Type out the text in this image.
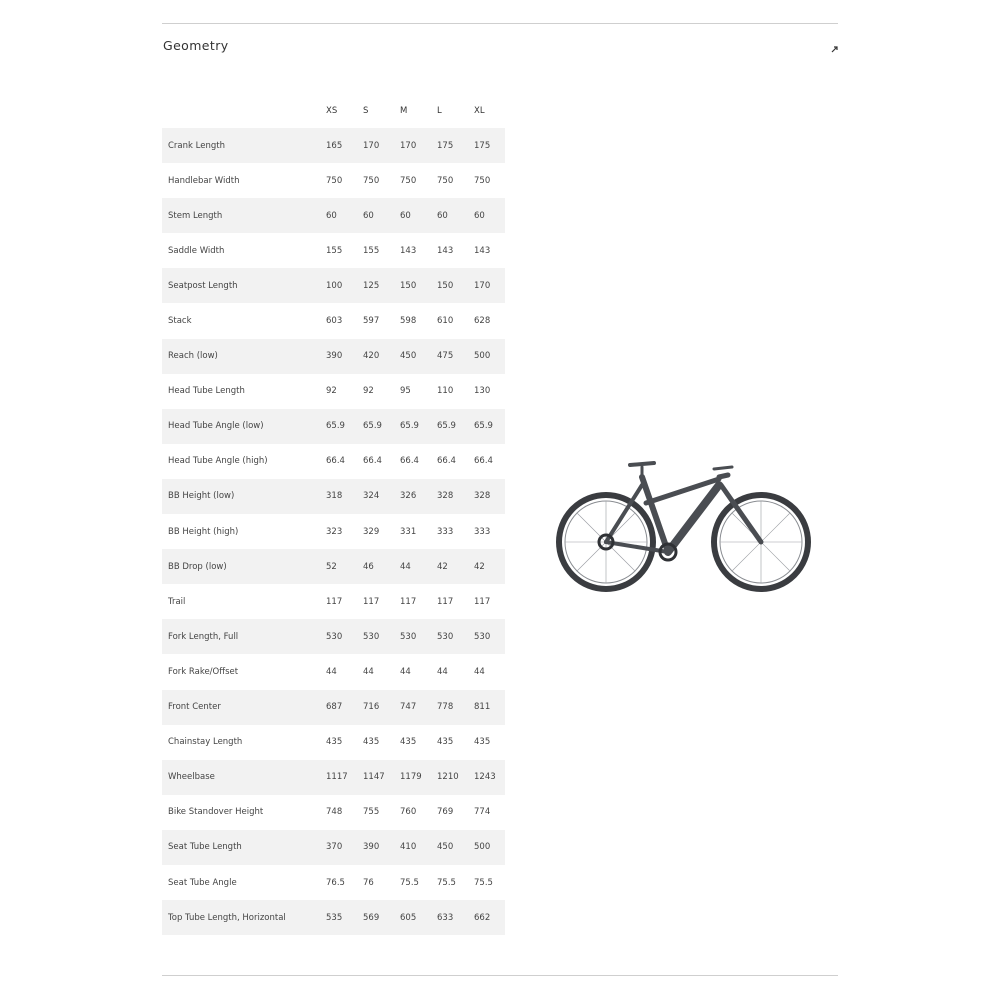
Geometry
XS	S	M	L	XL
Crank Length	165 170 170 175 175
Handlebar Width	750 750 750 750 750
Stem Length	60	60	60	60	60
Saddle Width	155 155 143 143 143
Seatpost Length	100 125 150 150 170
Stack	603 597 598 610 628
Reach (low)	390 420 450 475 500
Head Tube Length	92	92	95	110 130
Head Tube Angle (low)	65.9 65.9 65.9 65.9 65.9
Head Tube Angle (high)	66.4 66.4 66.4 66.4 66.4
BB Height (low)	318 324 326 328 328
BB Height (high)	323 329 331 333 333
BB Drop (low)	52	46	44	42	42
Trail	117 117 117 117 117
Fork Length, Full	530 530 530 530 530
Fork Rake/Offset	44	44	44	44	44
Front Center	687 716 747 778 811
Chainstay Length	435 435 435 435 435
Wheelbase	1117 1147 1179 1210 1243
Bike Standover Height	748 755 760 769 774
Seat Tube Length	370 390 410 450 500
Seat Tube Angle	76.5 76	75.5 75.5 75.5
Top Tube Length, Horizontal	535 569 605 633 662
